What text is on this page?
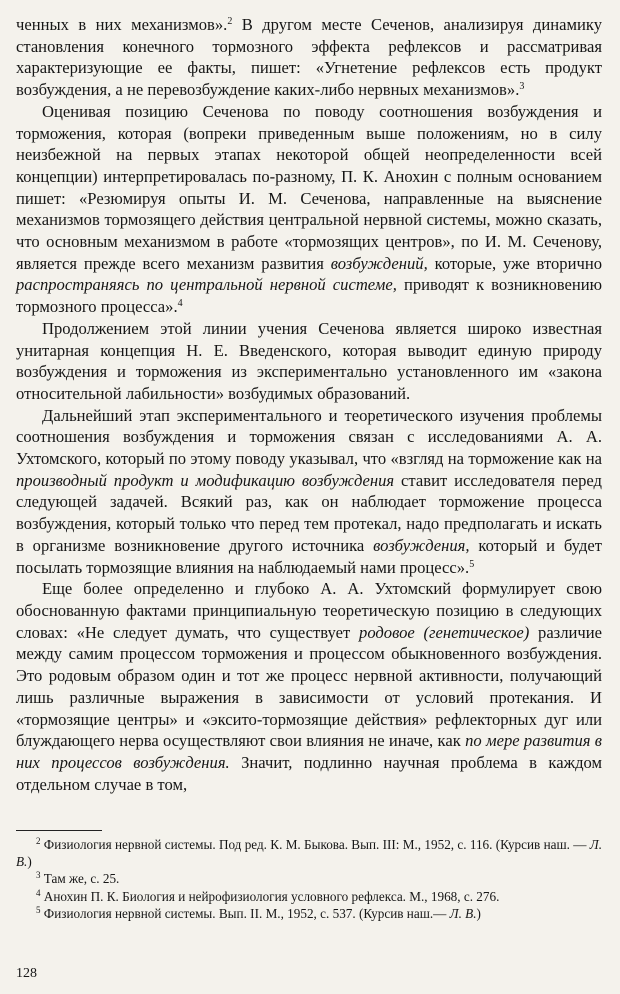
ченных в них механизмов».$^2$ В другом месте Сеченов, анализируя динамику становления конечного тормозного эффекта рефлексов и рассматривая характеризующие ее факты, пишет: «Угнетение рефлексов есть продукт возбуждения, а не перевозбуждение каких-либо нервных механизмов».$^3$

Оценивая позицию Сеченова по поводу соотношения возбуждения и торможения, которая (вопреки приведенным выше положениям, но в силу неизбежной на первых этапах некоторой общей неопределенности всей концепции) интерпретировалась по-разному, П. К. Анохин с полным основанием пишет: «Резюмируя опыты И. М. Сеченова, направленные на выяснение механизмов тормозящего действия центральной нервной системы, можно сказать, что основным механизмом в работе «тормозящих центров», по И. М. Сеченову, является прежде всего механизм развития возбуждений, которые, уже вторично распространяясь по центральной нервной системе, приводят к возникновению тормозного процесса».$^4$

Продолжением этой линии учения Сеченова является широко известная унитарная концепция Н. Е. Введенского, которая выводит единую природу возбуждения и торможения из экспериментально установленного им «закона относительной лабильности» возбудимых образований.

Дальнейший этап экспериментального и теоретического изучения проблемы соотношения возбуждения и торможения связан с исследованиями А. А. Ухтомского, который по этому поводу указывал, что «взгляд на торможение как на производный продукт и модификацию возбуждения ставит исследователя перед следующей задачей. Всякий раз, как он наблюдает торможение процесса возбуждения, который только что перед тем протекал, надо предполагать и искать в организме возникновение другого источника возбуждения, который и будет посылать тормозящие влияния на наблюдаемый нами процесс».$^5$

Еще более определенно и глубоко А. А. Ухтомский формулирует свою обоснованную фактами принципиальную теоретическую позицию в следующих словах: «Не следует думать, что существует родовое (генетическое) различие между самим процессом торможения и процессом обыкновенного возбуждения. Это родовым образом один и тот же процесс нервной активности, получающий лишь различные выражения в зависимости от условий протекания. И «тормозящие центры» и «эксито-тормозящие действия» рефлекторных дуг или блуждающего нерва осуществляют свои влияния не иначе, как по мере развития в них процессов возбуждения. Значит, подлинно научная проблема в каждом отдельном случае в том,

$^2$ Физиология нервной системы. Под ред. К. М. Быкова. Вып. III: М., 1952, с. 116. (Курсив наш. — Л. В.)

$^3$ Там же, с. 25.

$^4$ Анохин П. К. Биология и нейрофизиология условного рефлекса. М., 1968, с. 276.

$^5$ Физиология нервной системы. Вып. II. М., 1952, с. 537. (Курсив наш.— Л. В.)

128
